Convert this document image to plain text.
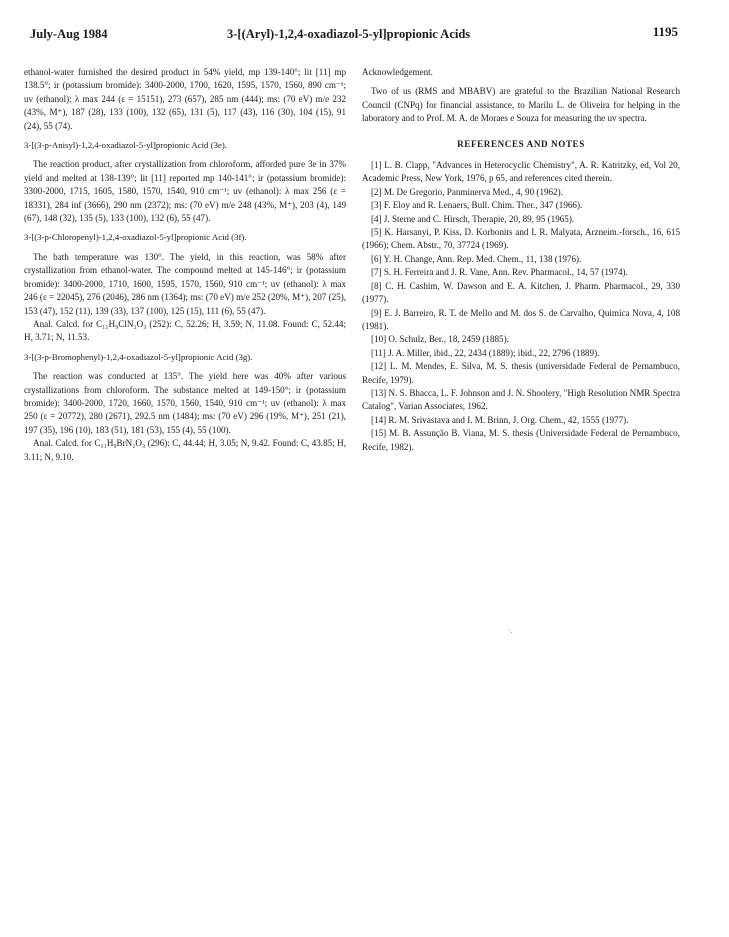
July-Aug 1984	3-[(Aryl)-1,2,4-oxadiazol-5-yl]propionic Acids	1195

ethanol-water furnished the desired product in 54% yield, mp 139-140°; lit [11] mp 138.5°; ir (potassium bromide): 3400-2000, 1700, 1620, 1595, 1570, 1560, 890 cm⁻¹; uv (ethanol): λ max 244 (ε = 15151), 273 (657), 285 nm (444); ms: (70 eV) m/e 232 (43%, M⁺), 187 (28), 133 (100), 132 (65), 131 (5), 117 (43), 116 (30), 104 (15), 91 (24), 55 (74).

3-[(3-p-Anisyl)-1,2,4-oxadiazol-5-yl]propionic Acid (3e).

The reaction product, after crystallization from chloroform, afforded pure 3e in 37% yield and melted at 138-139°; lit [11] reported mp 140-141°; ir (potassium bromide): 3300-2000, 1715, 1605, 1580, 1570, 1540, 910 cm⁻¹; uv (ethanol): λ max 256 (ε = 18331), 284 inf (3666), 290 nm (2372); ms: (70 eV) m/e 248 (43%, M⁺), 203 (4), 149 (67), 148 (32), 135 (5), 133 (100), 132 (6), 55 (47).

3-[(3-p-Chloropenyl)-1,2,4-oxadiazol-5-yl]propionic Acid (3f).

The bath temperature was 130°. The yield, in this reaction, was 58% after crystallization from ethanol-water. The compound melted at 145-146°; ir (potassium bromide): 3400-2000, 1710, 1600, 1595, 1570, 1560, 910 cm⁻¹; uv (ethanol): λ max 246 (ε = 22045), 276 (2046), 286 nm (1364); ms: (70 eV) m/e 252 (20%, M⁺), 207 (25), 153 (47), 152 (11), 139 (33), 137 (100), 125 (15), 111 (6), 55 (47).

Anal. Calcd. for C₁₁H₉ClN₂O₃ (252): C, 52.26; H, 3.59; N, 11.08. Found: C, 52.44; H, 3.71; N, 11.53.

3-[(3-p-Bromophenyl)-1,2,4-oxadiazol-5-yl]propionic Acid (3g).

The reaction was conducted at 135°. The yield here was 40% after various crystallizations from chloroform. The substance melted at 149-150°; ir (potassium bromide): 3400-2000, 1720, 1660, 1570, 1560, 1540, 910 cm⁻¹; uv (ethanol): λ max 250 (ε = 20772), 280 (2671), 292.5 nm (1484); ms: (70 eV) 296 (19%, M⁺), 251 (21), 197 (35), 196 (10), 183 (51), 181 (53), 155 (4), 55 (100).

Anal. Calcd. for C₁₁H₉BrN₂O₃ (296): C, 44.44; H, 3.05; N, 9.42. Found: C, 43.85; H, 3.11; N, 9.10.

Acknowledgement.

Two of us (RMS and MBABV) are grateful to the Brazilian National Research Council (CNPq) for financial assistance, to Marilu L. de Oliveira for helping in the laboratory and to Prof. M. A. de Moraes e Souza for measuring the uv spectra.

REFERENCES AND NOTES

[1] L. B. Clapp, "Advances in Heterocyclic Chemistry", A. R. Katritzky, ed, Vol 20, Academic Press, New York, 1976, p 65, and references cited therein.

[2] M. De Gregorio, Panminerva Med., 4, 90 (1962).

[3] F. Eloy and R. Lenaers, Bull. Chim. Ther., 347 (1966).

[4] J. Sterne and C. Hirsch, Therapie, 20, 89, 95 (1965).

[5] K. Harsanyi, P. Kiss, D. Korbonits and I. R. Malyata, Arzneim.-forsch., 16, 615 (1966); Chem. Abstr., 70, 37724 (1969).

[6] Y. H. Change, Ann. Rep. Med. Chem., 11, 138 (1976).

[7] S. H. Ferreira and J. R. Vane, Ann. Rev. Pharmacol., 14, 57 (1974).

[8] C. H. Cashim, W. Dawson and E. A. Kitchen, J. Pharm. Pharmacol., 29, 330 (1977).

[9] E. J. Barreiro, R. T. de Mello and M. dos S. de Carvalho, Quimica Nova, 4, 108 (1981).

[10] O. Schulz, Ber., 18, 2459 (1885).

[11] J. A. Miller, ibid., 22, 2434 (1889); ibid., 22, 2796 (1889).

[12] L. M. Mendes, E. Silva, M. S. thesis (universidade Federal de Pernambuco, Recife, 1979).

[13] N. S. Bhacca, L. F. Johnson and J. N. Shoolery, "High Resolution NMR Spectra Catalog", Varian Associates, 1962.

[14] R. M. Srivastava and I. M. Brinn, J. Org. Chem., 42, 1555 (1977).

[15] M. B. Assunção B. Viana, M. S. thesis (Universidade Federal de Pernambuco, Recife, 1982).

·.
